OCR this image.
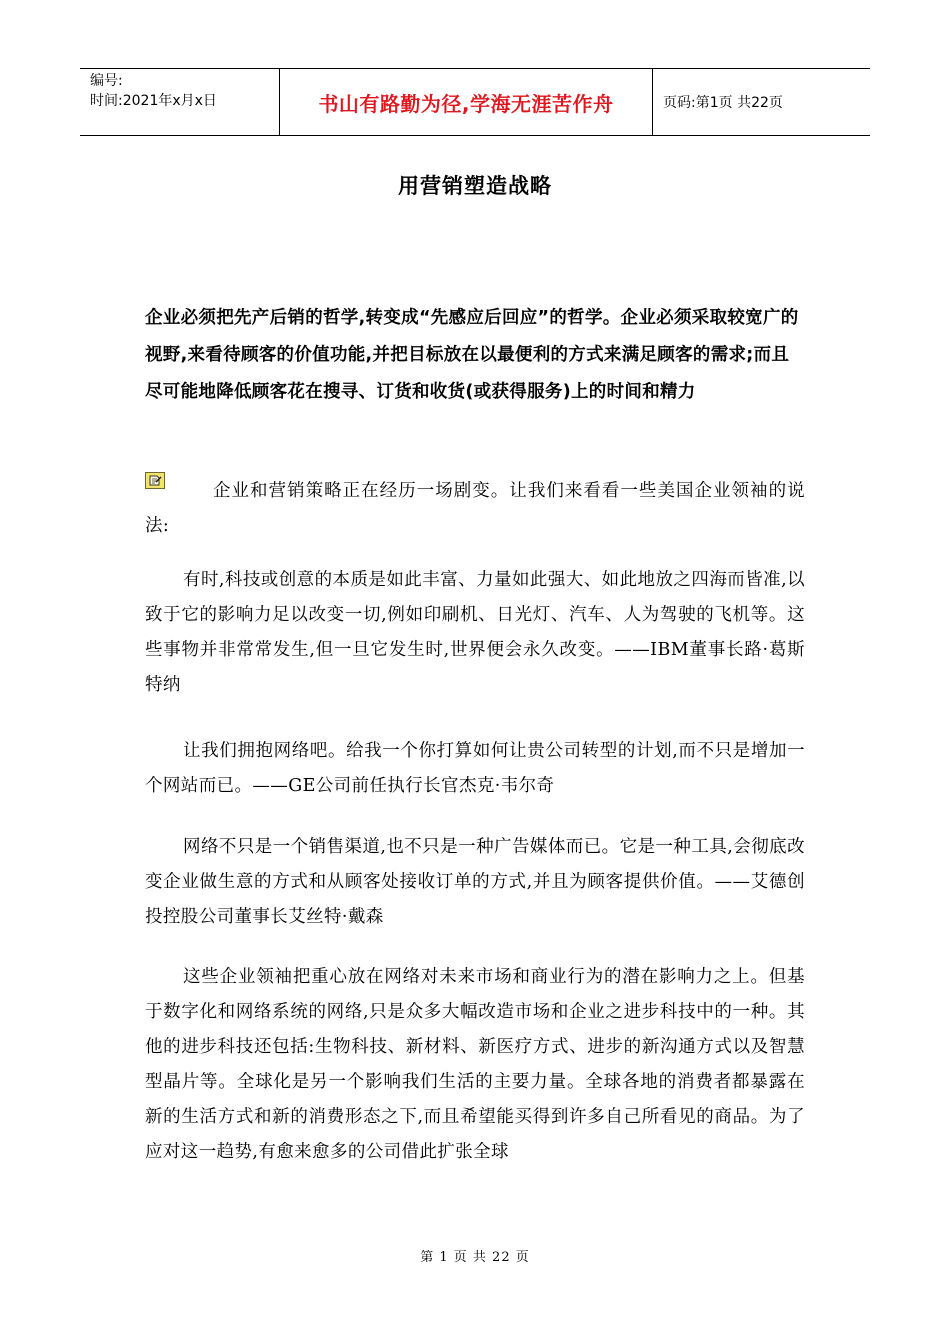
编号:
时间:2021年x月x日	书山有路勤为径,学海无涯苦作舟	页码:第1页 共22页
用营销塑造战略
企业必须把先产后销的哲学,转变成“先感应后回应”的哲学。企业必须采取较宽广的视野,来看待顾客的价值功能,并把目标放在以最便利的方式来满足顾客的需求;而且尽可能地降低顾客花在搜寻、订货和收货(或获得服务)上的时间和精力
企业和营销策略正在经历一场剧变。让我们来看看一些美国企业领袖的说法:
有时,科技或创意的本质是如此丰富、力量如此强大、如此地放之四海而皆准,以致于它的影响力足以改变一切,例如印刷机、日光灯、汽车、人为驾驶的飞机等。这些事物并非常常发生,但一旦它发生时,世界便会永久改变。——IBM董事长路·葛斯特纳
让我们拥抱网络吧。给我一个你打算如何让贵公司转型的计划,而不只是增加一个网站而已。——GE公司前任执行长官杰克·韦尔奇
网络不只是一个销售渠道,也不只是一种广告媒体而已。它是一种工具,会彻底改变企业做生意的方式和从顾客处接收订单的方式,并且为顾客提供价值。——艾德创投控股公司董事长艾丝特·戴森
这些企业领袖把重心放在网络对未来市场和商业行为的潜在影响力之上。但基于数字化和网络系统的网络,只是众多大幅改造市场和企业之进步科技中的一种。其他的进步科技还包括:生物科技、新材料、新医疗方式、进步的新沟通方式以及智慧型晶片等。全球化是另一个影响我们生活的主要力量。全球各地的消费者都暴露在新的生活方式和新的消费形态之下,而且希望能买得到许多自己所看见的商品。为了应对这一趋势,有愈来愈多的公司借此扩张全球
第 1 页 共 22 页
